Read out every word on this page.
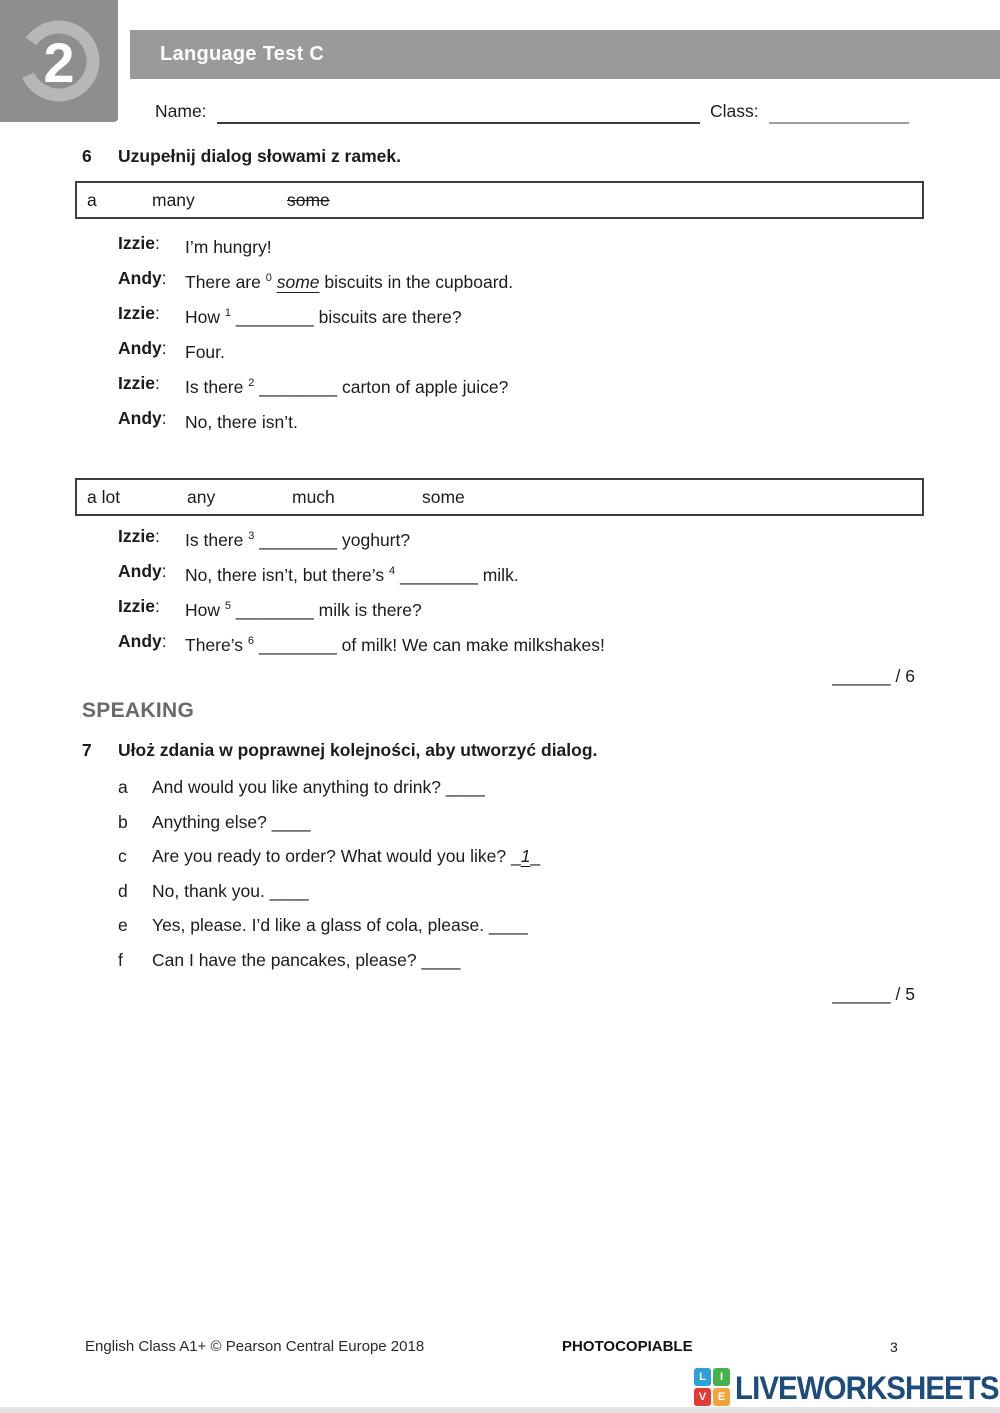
2	Language Test C
Name:	Class:
6 Uzupełnij dialog słowami z ramek.
a	many	some
Izzie: I’m hungry!
Andy: There are $^0$ some biscuits in the cupboard.
Izzie: How $^1$ ________ biscuits are there?
Andy: Four.
Izzie: Is there $^2$ ________ carton of apple juice?
Andy: No, there isn’t.
a lot	any	much	some
Izzie: Is there $^3$ ________ yoghurt?
Andy: No, there isn’t, but there’s $^4$ ________ milk.
Izzie: How $^5$ ________ milk is there?
Andy: There’s $^6$ ________ of milk! We can make milkshakes!
______ / 6
SPEAKING
7 Ułoż zdania w poprawnej kolejności, aby utworzyć dialog.
a And would you like anything to drink? ____
b Anything else? ____
c Are you ready to order? What would you like? _1_
d No, thank you. ____
e Yes, please. I’d like a glass of cola, please. ____
f Can I have the pancakes, please? ____
______ / 5
English Class A1+ © Pearson Central Europe 2018	PHOTOCOPIABLE	3
L	I
V	E LIVEWORKSHEETS
